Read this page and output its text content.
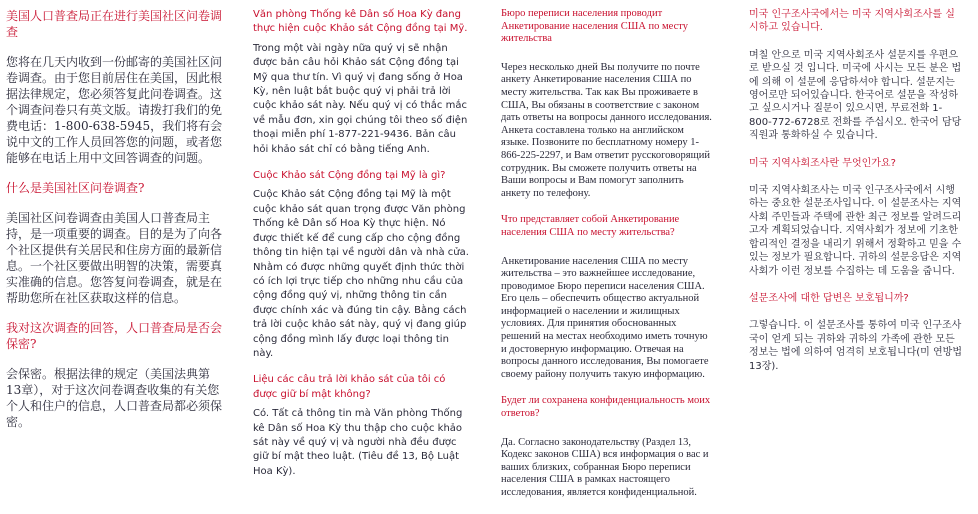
美国人口普查局正在进行美国社区问卷调查

您将在几天内收到一份邮寄的美国社区问卷调查。由于您目前居住在美国，因此根据法律规定，您必须答复此问卷调查。这个调查问卷只有英文版。请拨打我们的免费电话：1-800-638-5945，我们将有会说中文的工作人员回答您的问题，或者您能够在电话上用中文回答调查的问题。

什么是美国社区问卷调查?

美国社区问卷调查由美国人口普查局主持，是一项重要的调查。目的是为了向各个社区提供有关居民和住房方面的最新信息。一个社区要做出明智的决策，需要真实准确的信息。您答复问卷调查，就是在帮助您所在社区获取这样的信息。

我对这次调查的回答，人口普查局是否会保密?

会保密。根据法律的规定（美国法典第13章），对于这次问卷调查收集的有关您个人和住户的信息，人口普查局都必须保密。

Văn phòng Thống kê Dân số Hoa Kỳ đang thực hiện cuộc Khảo sát Cộng đồng tại Mỹ.

Trong một vài ngày nữa quý vị sẽ nhận được bản câu hỏi Khảo sát Cộng đồng tại Mỹ qua thư tín. Vì quý vị đang sống ở Hoa Kỳ, nên luật bắt buộc quý vị phải trả lời cuộc khảo sát này. Nếu quý vị có thắc mắc về mẫu đơn, xin gọi chúng tôi theo số điện thoại miễn phí 1-877-221-9436. Bản câu hỏi khảo sát chỉ có bằng tiếng Anh.

Cuộc Khảo sát Cộng đồng tại Mỹ là gì?

Cuộc Khảo sát Cộng đồng tại Mỹ là một cuộc khảo sát quan trọng được Văn phòng Thống kê Dân số Hoa Kỳ thực hiện. Nó được thiết kế để cung cấp cho cộng đồng thông tin hiện tại về người dân và nhà cửa. Nhằm có được những quyết định thức thời có ích lợi trực tiếp cho những nhu cầu của cộng đồng quý vị, những thông tin cần được chính xác và đúng tin cậy. Bằng cách trả lời cuộc khảo sát này, quý vị đang giúp cộng đồng mình lấy được loại thông tin này.

Liệu các câu trả lời khảo sát của tôi có được giữ bí mật không?

Có. Tất cả thông tin mà Văn phòng Thống kê Dân số Hoa Kỳ thu thập cho cuộc khảo sát này về quý vị và người nhà đều được giữ bí mật theo luật. (Tiêu đề 13, Bộ Luật Hoa Kỳ).

Бюро переписи населения проводит Анкетирование населения США по месту жительства

Через несколько дней Вы получите по почте анкету Анкетирование населения США по месту жительства. Так как Вы проживаете в США, Вы обязаны в соответствие с законом дать ответы на вопросы данного исследования. Анкета составлена только на английском языке. Позвоните по бесплатному номеру 1-866-225-2297, и Вам ответит русскоговорящий сотрудник. Вы сможете получить ответы на Ваши вопросы и Вам помогут заполнить анкету по телефону.

Что представляет собой Анкетирование населения США по месту жительства?

Анкетирование населения США по месту жительства – это важнейшее исследование, проводимое Бюро переписи населения США. Его цель – обеспечить общество актуальной информацией о населении и жилищных условиях. Для принятия обоснованных решений на местах необходимо иметь точную и достоверную информацию. Отвечая на вопросы данного исследования, Вы помогаете своему району получить такую информацию.

Будет ли сохранена конфиденциальность моих ответов?

Да. Согласно законодательству (Раздел 13, Кодекс законов США) вся информация о вас и ваших близких, собранная Бюро переписи населения США в рамках настоящего исследования, является конфиденциальной.

미국 인구조사국에서는 미국 지역사회조사를 실시하고 있습니다.

며칠 안으로 미국 지역사회조사 설문지를 우편으로 받으실 것 입니다. 미국에 사시는 모든 분은 법에 의해 이 설문에 응답하셔야 합니다. 설문지는 영어로만 되어있습니다. 한국어로 설문을 작성하고 싶으시거나 질문이 있으시면, 무료전화 1-800-772-6728로 전화를 주십시오. 한국어 담당직원과 통화하실 수 있습니다.

미국 지역사회조사란 무엇인가요?

미국 지역사회조사는 미국 인구조사국에서 시행하는 중요한 설문조사입니다. 이 설문조사는 지역사회 주민들과 주택에 관한 최근 정보를 알려드리고자 계획되었습니다. 지역사회가 정보에 기초한 합리적인 결정을 내리기 위해서 정확하고 믿을 수 있는 정보가 필요합니다. 귀하의 설문응답은 지역사회가 이런 정보를 수집하는 데 도움을 줍니다.

설문조사에 대한 답변은 보호됩니까?

그렇습니다. 이 설문조사를 통하여 미국 인구조사국이 얻게 되는 귀하와 귀하의 가족에 관한 모든 정보는 법에 의하여 엄격히 보호됩니다(미 연방법 13장).
